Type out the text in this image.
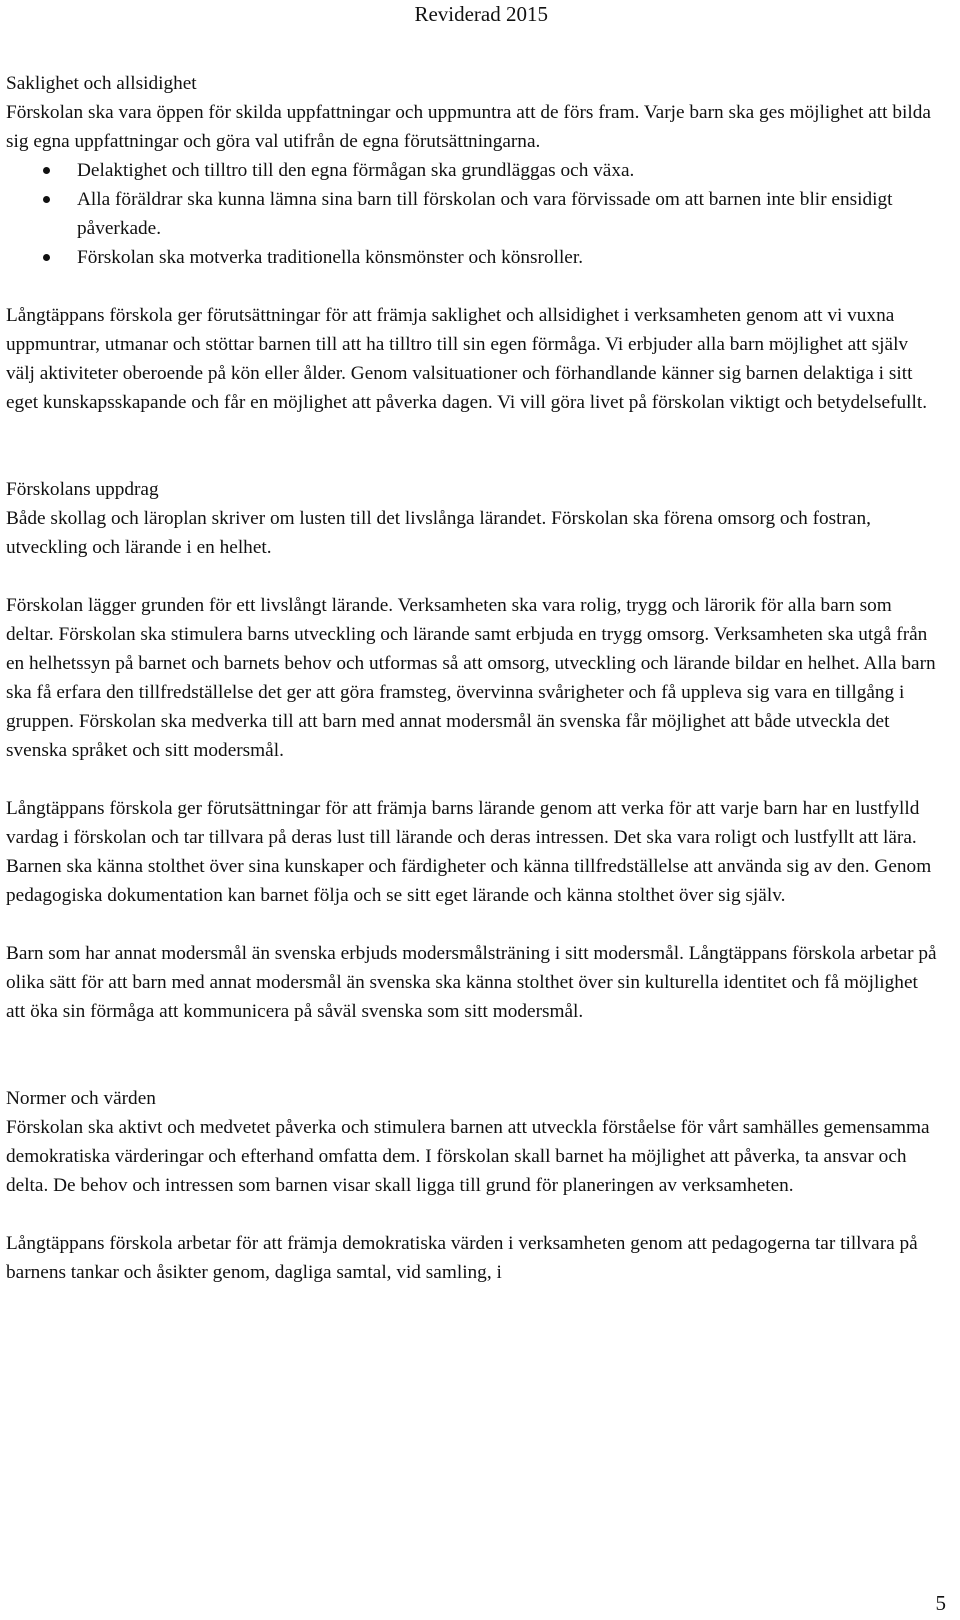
Reviderad 2015

Saklighet och allsidighet

Förskolan ska vara öppen för skilda uppfattningar och uppmuntra att de förs fram. Varje barn ska ges möjlighet att bilda sig egna uppfattningar och göra val utifrån de egna förutsättningarna.

Delaktighet och tilltro till den egna förmågan ska grundläggas och växa.
Alla föräldrar ska kunna lämna sina barn till förskolan och vara förvissade om att barnen inte blir ensidigt påverkade.
Förskolan ska motverka traditionella könsmönster och könsroller.

Långtäppans förskola ger förutsättningar för att främja saklighet och allsidighet i verksamheten genom att vi vuxna uppmuntrar, utmanar och stöttar barnen till att ha tilltro till sin egen förmåga. Vi erbjuder alla barn möjlighet att själv välj aktiviteter oberoende på kön eller ålder. Genom valsituationer och förhandlande känner sig barnen delaktiga i sitt eget kunskapsskapande och får en möjlighet att påverka dagen. Vi vill göra livet på förskolan viktigt och betydelsefullt.

Förskolans uppdrag

Både skollag och läroplan skriver om lusten till det livslånga lärandet. Förskolan ska förena omsorg och fostran, utveckling och lärande i en helhet.

Förskolan lägger grunden för ett livslångt lärande. Verksamheten ska vara rolig, trygg och lärorik för alla barn som deltar. Förskolan ska stimulera barns utveckling och lärande samt erbjuda en trygg omsorg. Verksamheten ska utgå från en helhetssyn på barnet och barnets behov och utformas så att omsorg, utveckling och lärande bildar en helhet. Alla barn ska få erfara den tillfredställelse det ger att göra framsteg, övervinna svårigheter och få uppleva sig vara en tillgång i gruppen. Förskolan ska medverka till att barn med annat modersmål än svenska får möjlighet att både utveckla det svenska språket och sitt modersmål.

Långtäppans förskola ger förutsättningar för att främja barns lärande genom att verka för att varje barn har en lustfylld vardag i förskolan och tar tillvara på deras lust till lärande och deras intressen. Det ska vara roligt och lustfyllt att lära. Barnen ska känna stolthet över sina kunskaper och färdigheter och känna tillfredställelse att använda sig av den. Genom pedagogiska dokumentation kan barnet följa och se sitt eget lärande och känna stolthet över sig själv.

Barn som har annat modersmål än svenska erbjuds modersmålsträning i sitt modersmål. Långtäppans förskola arbetar på olika sätt för att barn med annat modersmål än svenska ska känna stolthet över sin kulturella identitet och få möjlighet att öka sin förmåga att kommunicera på såväl svenska som sitt modersmål.

Normer och värden

Förskolan ska aktivt och medvetet påverka och stimulera barnen att utveckla förståelse för vårt samhälles gemensamma demokratiska värderingar och efterhand omfatta dem. I förskolan skall barnet ha möjlighet att påverka, ta ansvar och delta. De behov och intressen som barnen visar skall ligga till grund för planeringen av verksamheten.

Långtäppans förskola arbetar för att främja demokratiska värden i verksamheten genom att pedagogerna tar tillvara på barnens tankar och åsikter genom, dagliga samtal, vid samling, i

5
